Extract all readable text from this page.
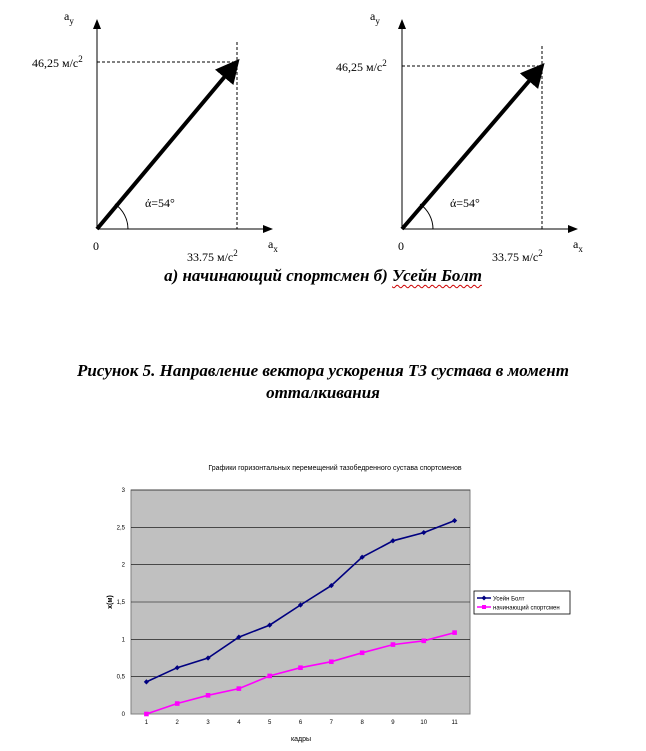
$a_y$
$a_x$
0
46,25 $м/с^2$
33.75 $м/с^2$
ά=54°
$a_y$
$a_x$
0
46,25 $м/с^2$
33.75 $м/с^2$
ά=54°
а) начинающий спортсмен б) Усейн Болт
Рисунок 5. Направление вектора ускорения ТЗ сустава в момент
отталкивания
Графики горизонтальных перемещений тазобедренного сустава спортсменов
0
0,5
1
1,5
2
2,5
3
1	2	3	4	5	6	7	8	9	10	11
х(м)
кадры
Усейн Болт
начинающий спортсмен
